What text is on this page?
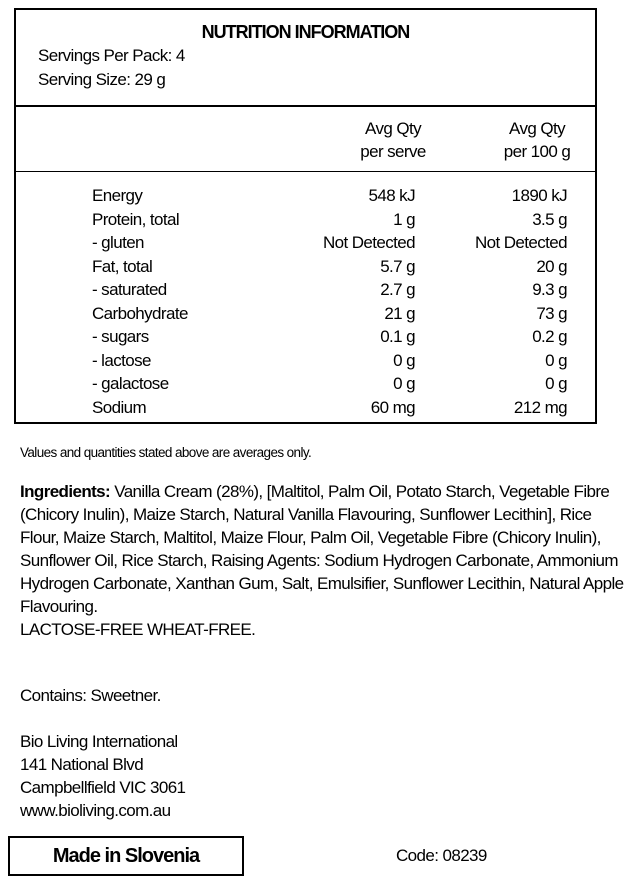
NUTRITION INFORMATION
Servings Per Pack: 4
Serving Size: 29 g
Avg Qty
per serve
Avg Qty
per 100 g
Energy	548 kJ	1890 kJ
Protein, total	1 g	3.5 g
- gluten	Not Detected	Not Detected
Fat, total	5.7 g	20 g
- saturated	2.7 g	9.3 g
Carbohydrate	21 g	73 g
- sugars	0.1 g	0.2 g
- lactose	0 g	0 g
- galactose	0 g	0 g
Sodium	60 mg	212 mg
Values and quantities stated above are averages only.
Ingredients: Vanilla Cream (28%), [Maltitol, Palm Oil, Potato Starch, Vegetable Fibre (Chicory Inulin), Maize Starch, Natural Vanilla Flavouring, Sunflower Lecithin], Rice Flour, Maize Starch, Maltitol, Maize Flour, Palm Oil, Vegetable Fibre (Chicory Inulin), Sunflower Oil, Rice Starch, Raising Agents: Sodium Hydrogen Carbonate, Ammonium Hydrogen Carbonate, Xanthan Gum, Salt, Emulsifier, Sunflower Lecithin, Natural Apple Flavouring.
LACTOSE-FREE WHEAT-FREE.
Contains: Sweetner.
Bio Living International
141 National Blvd
Campbellfield VIC 3061
www.bioliving.com.au
Made in Slovenia	Code: 08239
